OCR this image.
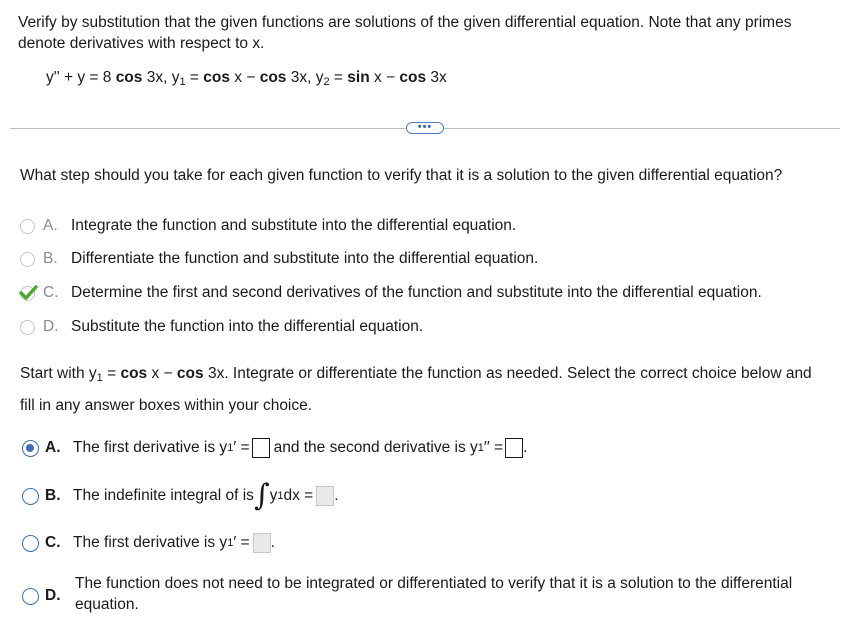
Verify by substitution that the given functions are solutions of the given differential equation. Note that any primes
denote derivatives with respect to x.
y'' + y = 8 cos 3x, $y_1 = \cos x - \cos 3x$, $y_2 = \sin x - \cos 3x$
•••
What step should you take for each given function to verify that it is a solution to the given differential equation?
A. Integrate the function and substitute into the differential equation.
B. Differentiate the function and substitute into the differential equation.
C. Determine the first and second derivatives of the function and substitute into the differential equation.
D. Substitute the function into the differential equation.
Start with $y_1 = \cos x - \cos 3x$. Integrate or differentiate the function as needed. Select the correct choice below and
fill in any answer boxes within your choice.
A. The first derivative is y 1 ′ = and the second derivative is y 1 ′′ = .
B. The indefinite integral of is ∫ y 1 dx = .
C. The first derivative is y 1 ′ = .
D.
The function does not need to be integrated or differentiated to verify that it is a solution to the differential
equation.
